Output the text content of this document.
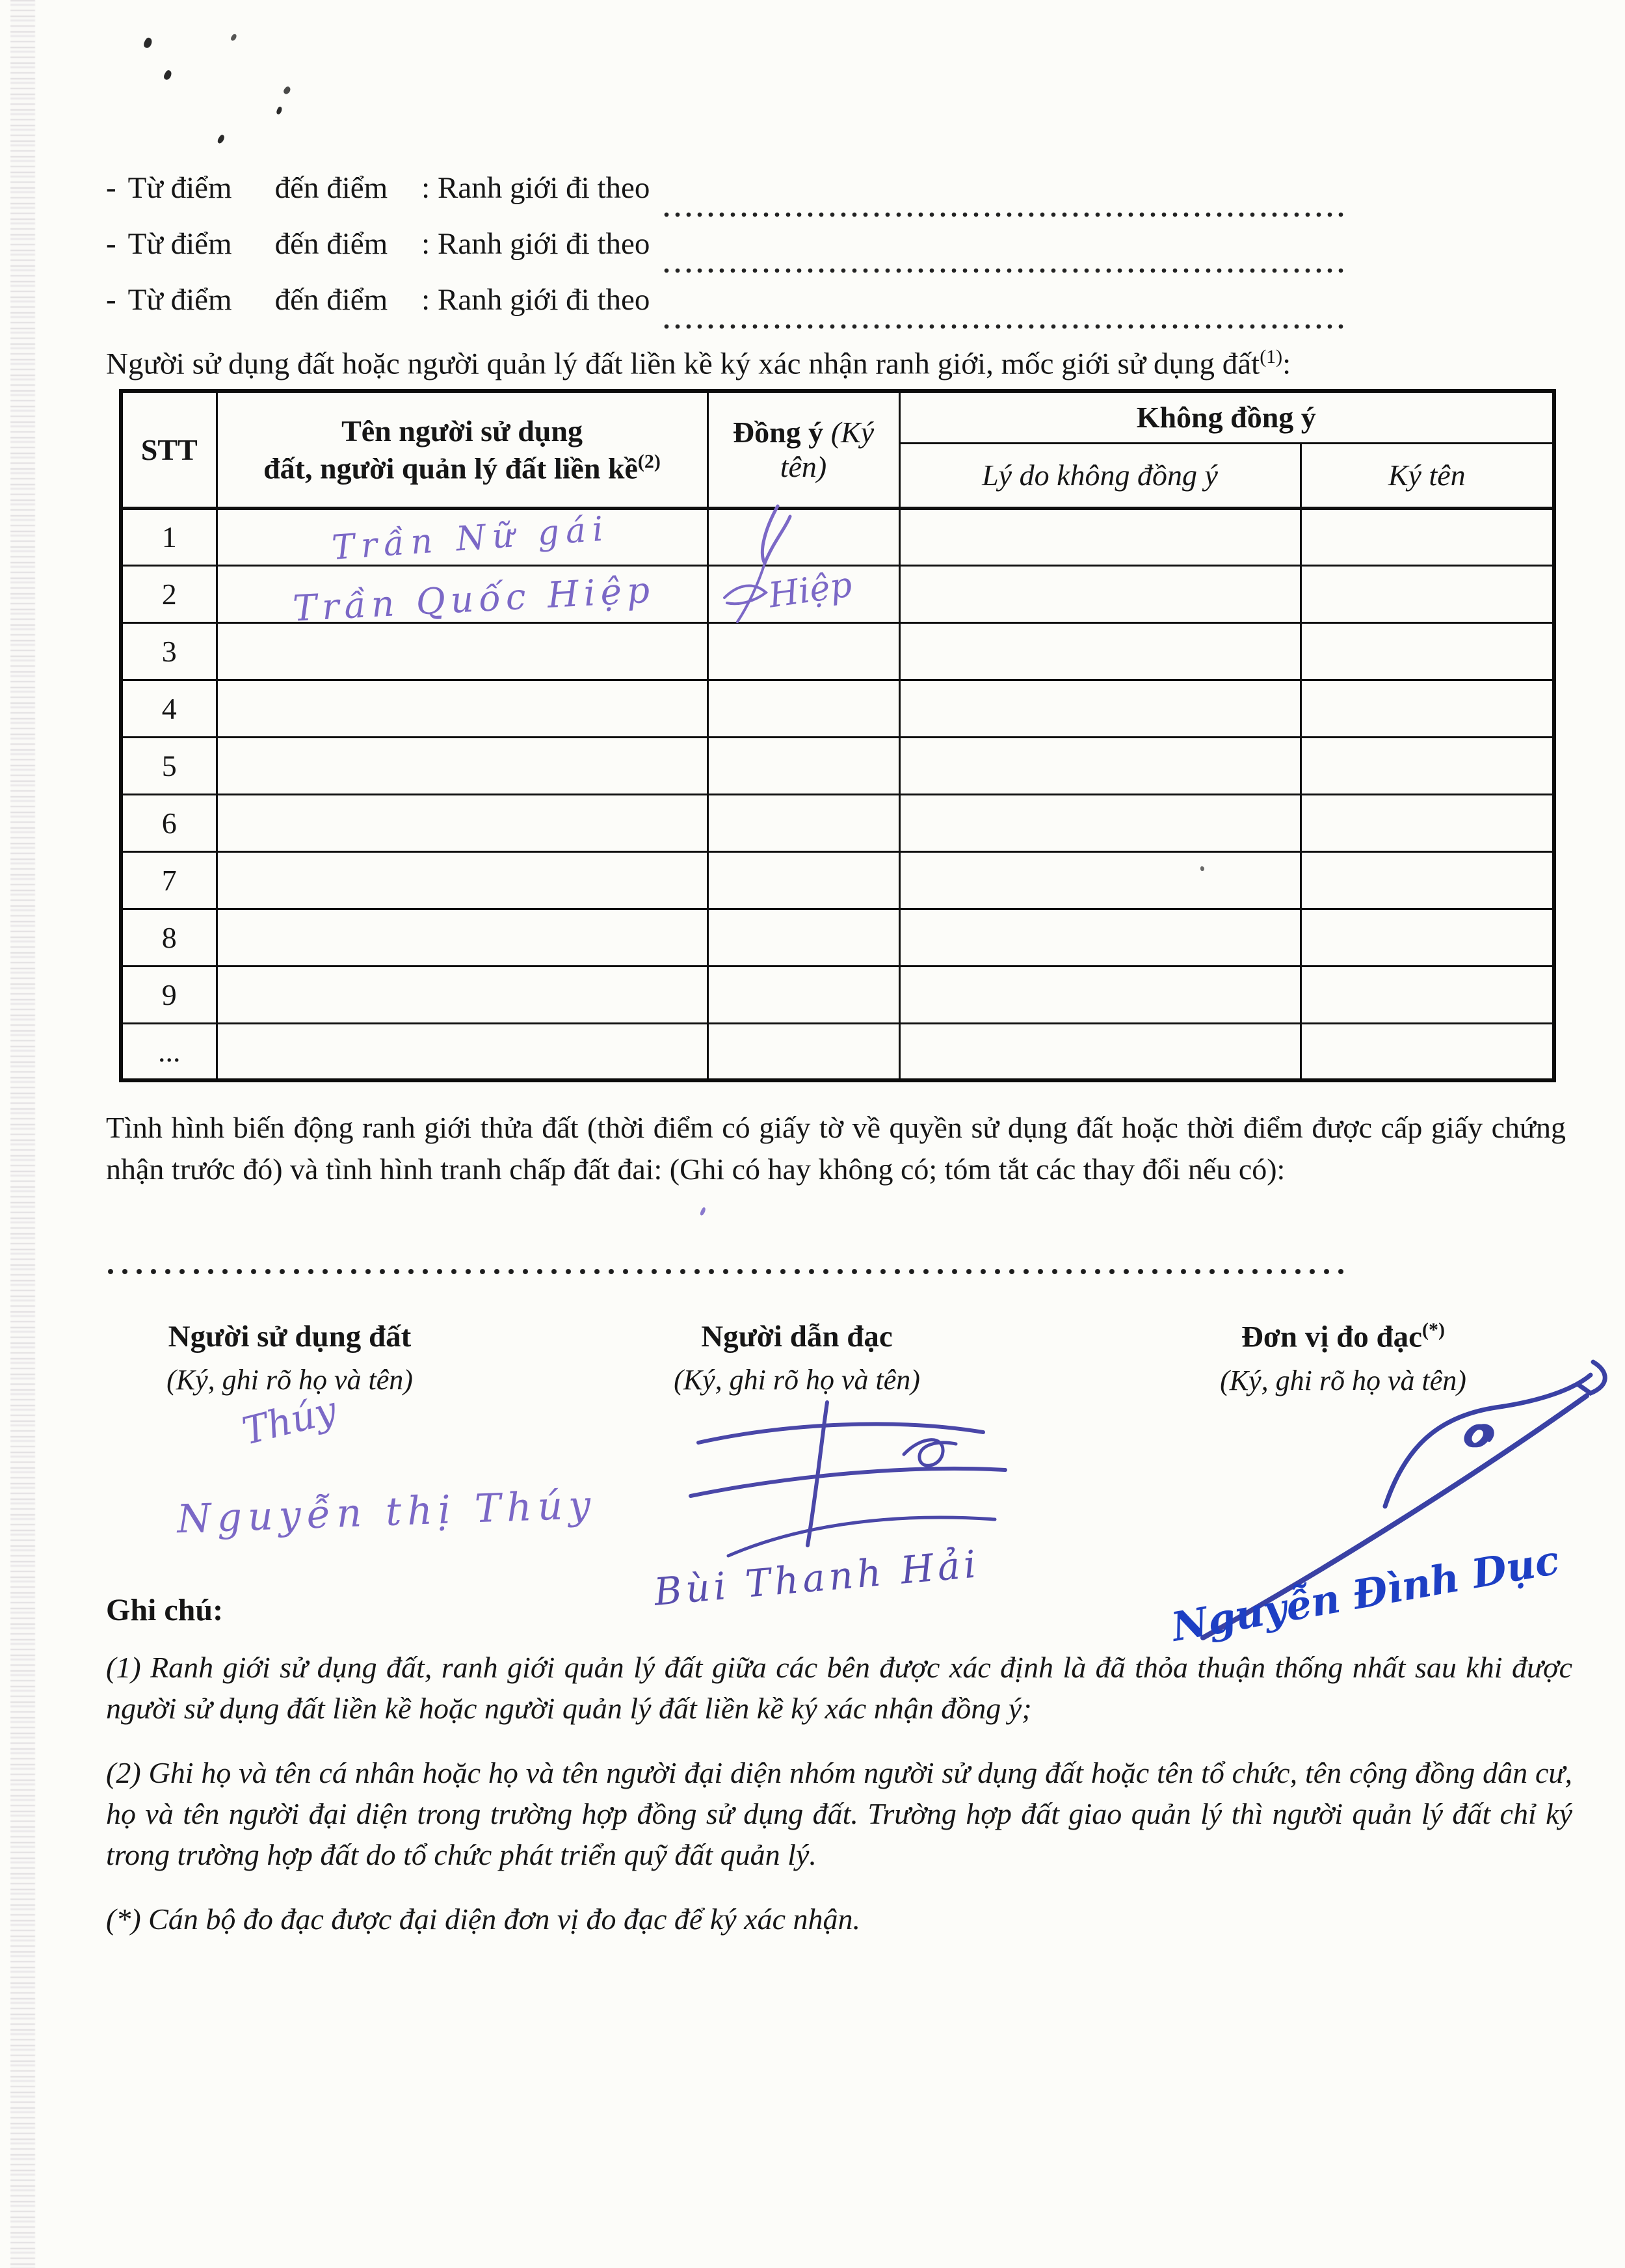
- Từ điểm đến điểm : Ranh giới đi theo
- Từ điểm đến điểm : Ranh giới đi theo
- Từ điểm đến điểm : Ranh giới đi theo
Người sử dụng đất hoặc người quản lý đất liền kề ký xác nhận ranh giới, mốc giới sử dụng đất$^{(1)}$:
STT	Tên người sử dụng
đất, người quản lý đất liền kề$^{(2)}$	Đồng ý (Ký tên)	Không đồng ý	
			Lý do không đồng ý	Ký tên
1	Trần Nữ gái

2	Trần Quốc Hiệp	Hiệp		

3				
4				
5				
6				
7				
8				
9				
...				

Tình hình biến động ranh giới thửa đất (thời điểm có giấy tờ về quyền sử dụng đất hoặc thời điểm được cấp giấy chứng nhận trước đó) và tình hình tranh chấp đất đai: (Ghi có hay không có; tóm tắt các thay đổi nếu có):

Người sử dụng đất
(Ký, ghi rõ họ và tên)
Người dẫn đạc
(Ký, ghi rõ họ và tên)
Đơn vị đo đạc(*)
(Ký, ghi rõ họ và tên)
Thúy
Nguyễn thị Thúy
Bùi Thanh Hải	Nguyễn Đình Dục
Ghi chú:

(1) Ranh giới sử dụng đất, ranh giới quản lý đất giữa các bên được xác định là đã thỏa thuận thống nhất sau khi được người sử dụng đất liền kề hoặc người quản lý đất liền kề ký xác nhận đồng ý;

(2) Ghi họ và tên cá nhân hoặc họ và tên người đại diện nhóm người sử dụng đất hoặc tên tổ chức, tên cộng đồng dân cư, họ và tên người đại diện trong trường hợp đồng sử dụng đất. Trường hợp đất giao quản lý thì người quản lý đất chỉ ký trong trường hợp đất do tổ chức phát triển quỹ đất quản lý.

(*) Cán bộ đo đạc được đại diện đơn vị đo đạc để ký xác nhận.
